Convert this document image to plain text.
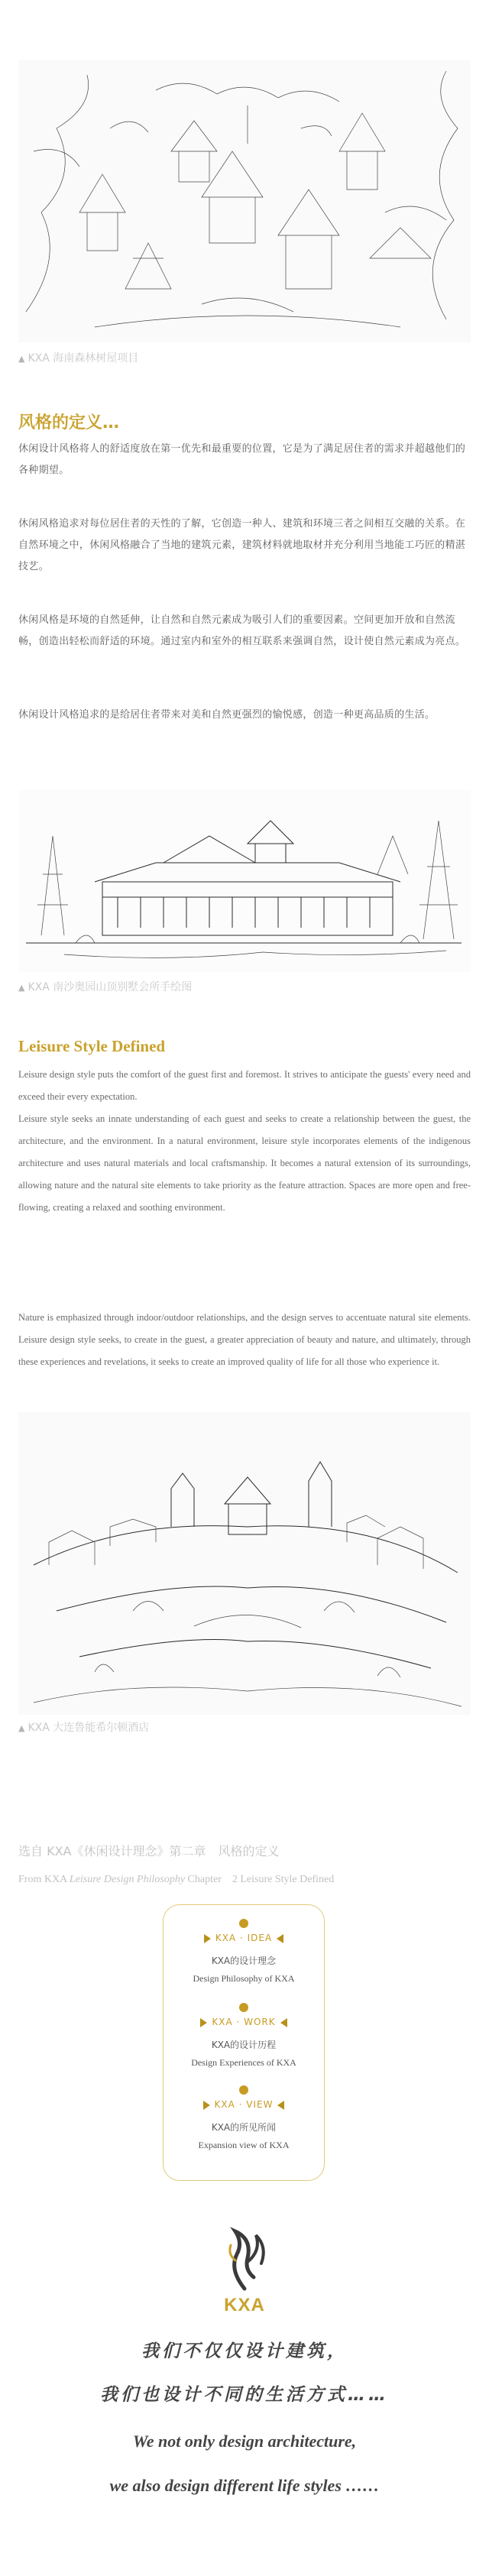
▲ KXA 海南森林树屋项目
风格的定义…
休闲设计风格将人的舒适度放在第一优先和最重要的位置，它是为了满足居住者的需求并超越他们的各种期望。
休闲风格追求对每位居住者的天性的了解，它创造一种人、建筑和环境三者之间相互交融的关系。在自然环境之中，休闲风格融合了当地的建筑元素，建筑材料就地取材并充分利用当地能工巧匠的精湛技艺。
休闲风格是环境的自然延伸，让自然和自然元素成为吸引人们的重要因素。空间更加开放和自然流畅，创造出轻松而舒适的环境。通过室内和室外的相互联系来强调自然，设计使自然元素成为亮点。
休闲设计风格追求的是给居住者带来对美和自然更强烈的愉悦感，创造一种更高品质的生活。
▲ KXA 南沙奥园山顶别墅会所手绘图
Leisure Style Defined
Leisure design style puts the comfort of the guest first and foremost. It strives to anticipate the guests' every need and exceed their every expectation.
Leisure style seeks an innate understanding of each guest and seeks to create a relationship between the guest, the architecture, and the environment. In a natural environment, leisure style incorporates elements of the indigenous architecture and uses natural materials and local craftsmanship. It becomes a natural extension of its surroundings, allowing nature and the natural site elements to take priority as the feature attraction. Spaces are more open and free-flowing, creating a relaxed and soothing environment.
Nature is emphasized through indoor/outdoor relationships, and the design serves to accentuate natural site elements. Leisure design style seeks, to create in the guest, a greater appreciation of beauty and nature, and ultimately, through these experiences and revelations, it seeks to create an improved quality of life for all those who experience it.
▲ KXA 大连鲁能希尔顿酒店
选自 KXA《休闲设计理念》第二章　风格的定义
From KXA Leisure Design Philosophy Chapter　2 Leisure Style Defined
KXA · IDEA
KXA的设计理念
Design Philosophy of KXA
KXA · WORK
KXA的设计历程
Design Experiences of KXA
KXA · VIEW
KXA的所见所闻
Expansion view of KXA
KXA
我们不仅仅设计建筑，
我们也设计不同的生活方式……
We not only design architecture,
we also design different life styles ……
